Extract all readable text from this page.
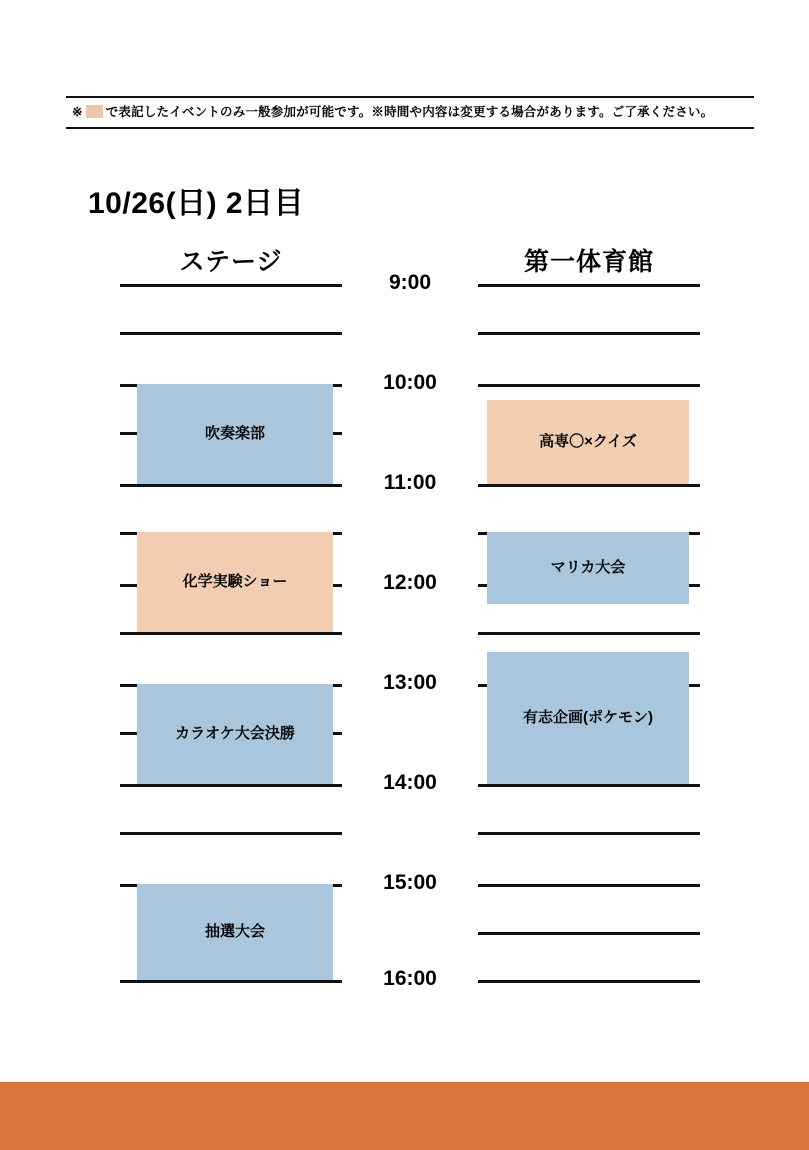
※ で表記したイベントのみ一般参加が可能です。※時間や内容は変更する場合があります。ご了承ください。
10/26(日) 2日目
ステージ	第一体育館
9:00
10:00
11:00
12:00
13:00
14:00
15:00
16:00
吹奏楽部
化学実験ショー
カラオケ大会決勝
抽選大会
高専〇×クイズ
マリカ大会
有志企画(ポケモン)
